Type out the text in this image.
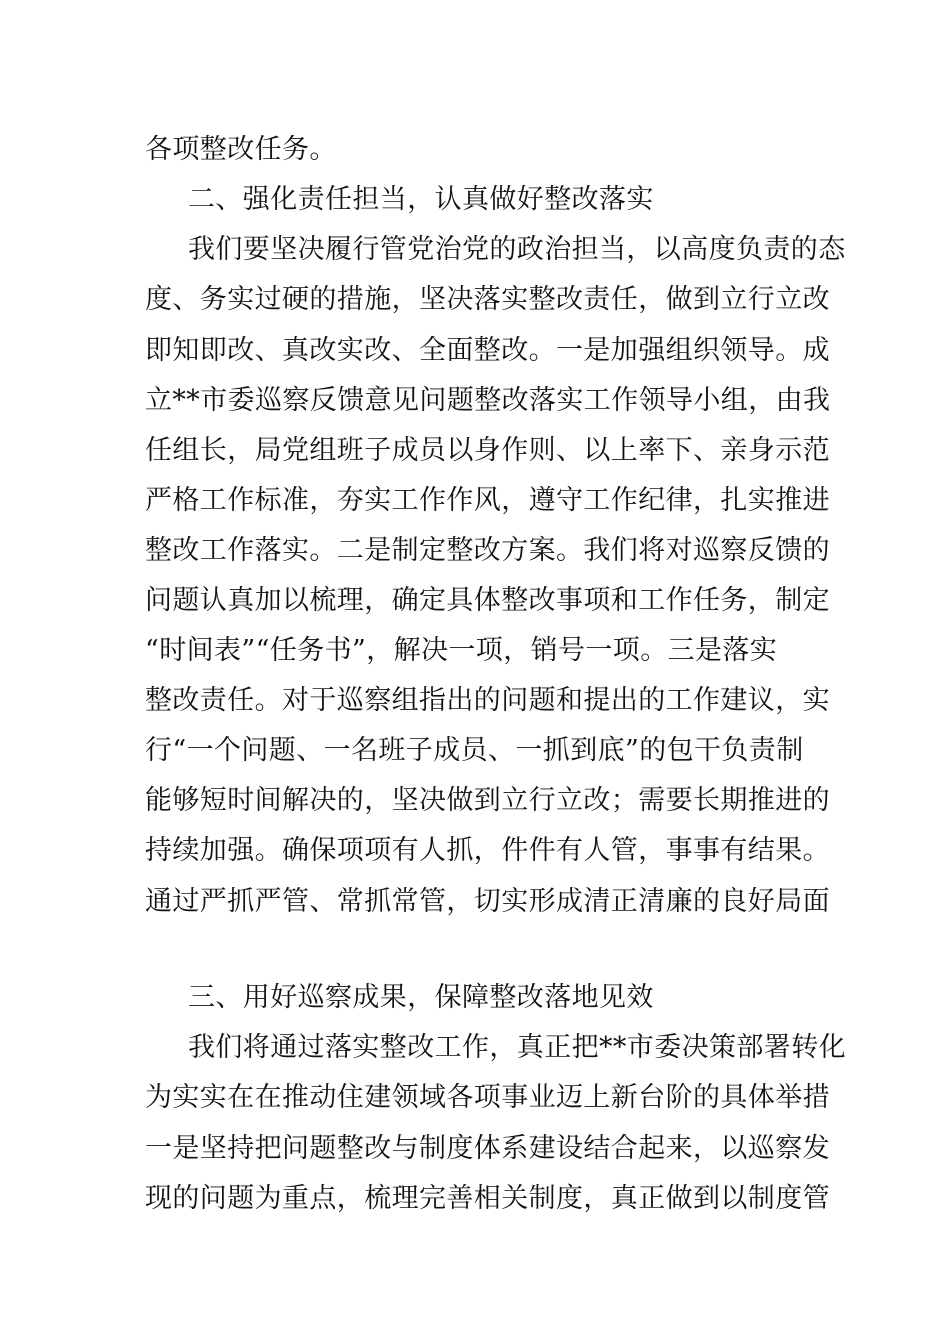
各项整改任务。
二、强化责任担当，认真做好整改落实
我们要坚决履行管党治党的政治担当，以高度负责的态
度、务实过硬的措施，坚决落实整改责任，做到立行立改
即知即改、真改实改、全面整改。一是加强组织领导。成
立**市委巡察反馈意见问题整改落实工作领导小组，由我
任组长，局党组班子成员以身作则、以上率下、亲身示范
严格工作标准，夯实工作作风，遵守工作纪律，扎实推进
整改工作落实。二是制定整改方案。我们将对巡察反馈的
问题认真加以梳理，确定具体整改事项和工作任务，制定
“时间表”“任务书”，解决一项，销号一项。三是落实
整改责任。对于巡察组指出的问题和提出的工作建议，实
行“一个问题、一名班子成员、一抓到底”的包干负责制
能够短时间解决的，坚决做到立行立改；需要长期推进的
持续加强。确保项项有人抓，件件有人管，事事有结果。
通过严抓严管、常抓常管，切实形成清正清廉的良好局面
三、用好巡察成果，保障整改落地见效
我们将通过落实整改工作，真正把**市委决策部署转化
为实实在在推动住建领域各项事业迈上新台阶的具体举措
一是坚持把问题整改与制度体系建设结合起来，以巡察发
现的问题为重点，梳理完善相关制度，真正做到以制度管
